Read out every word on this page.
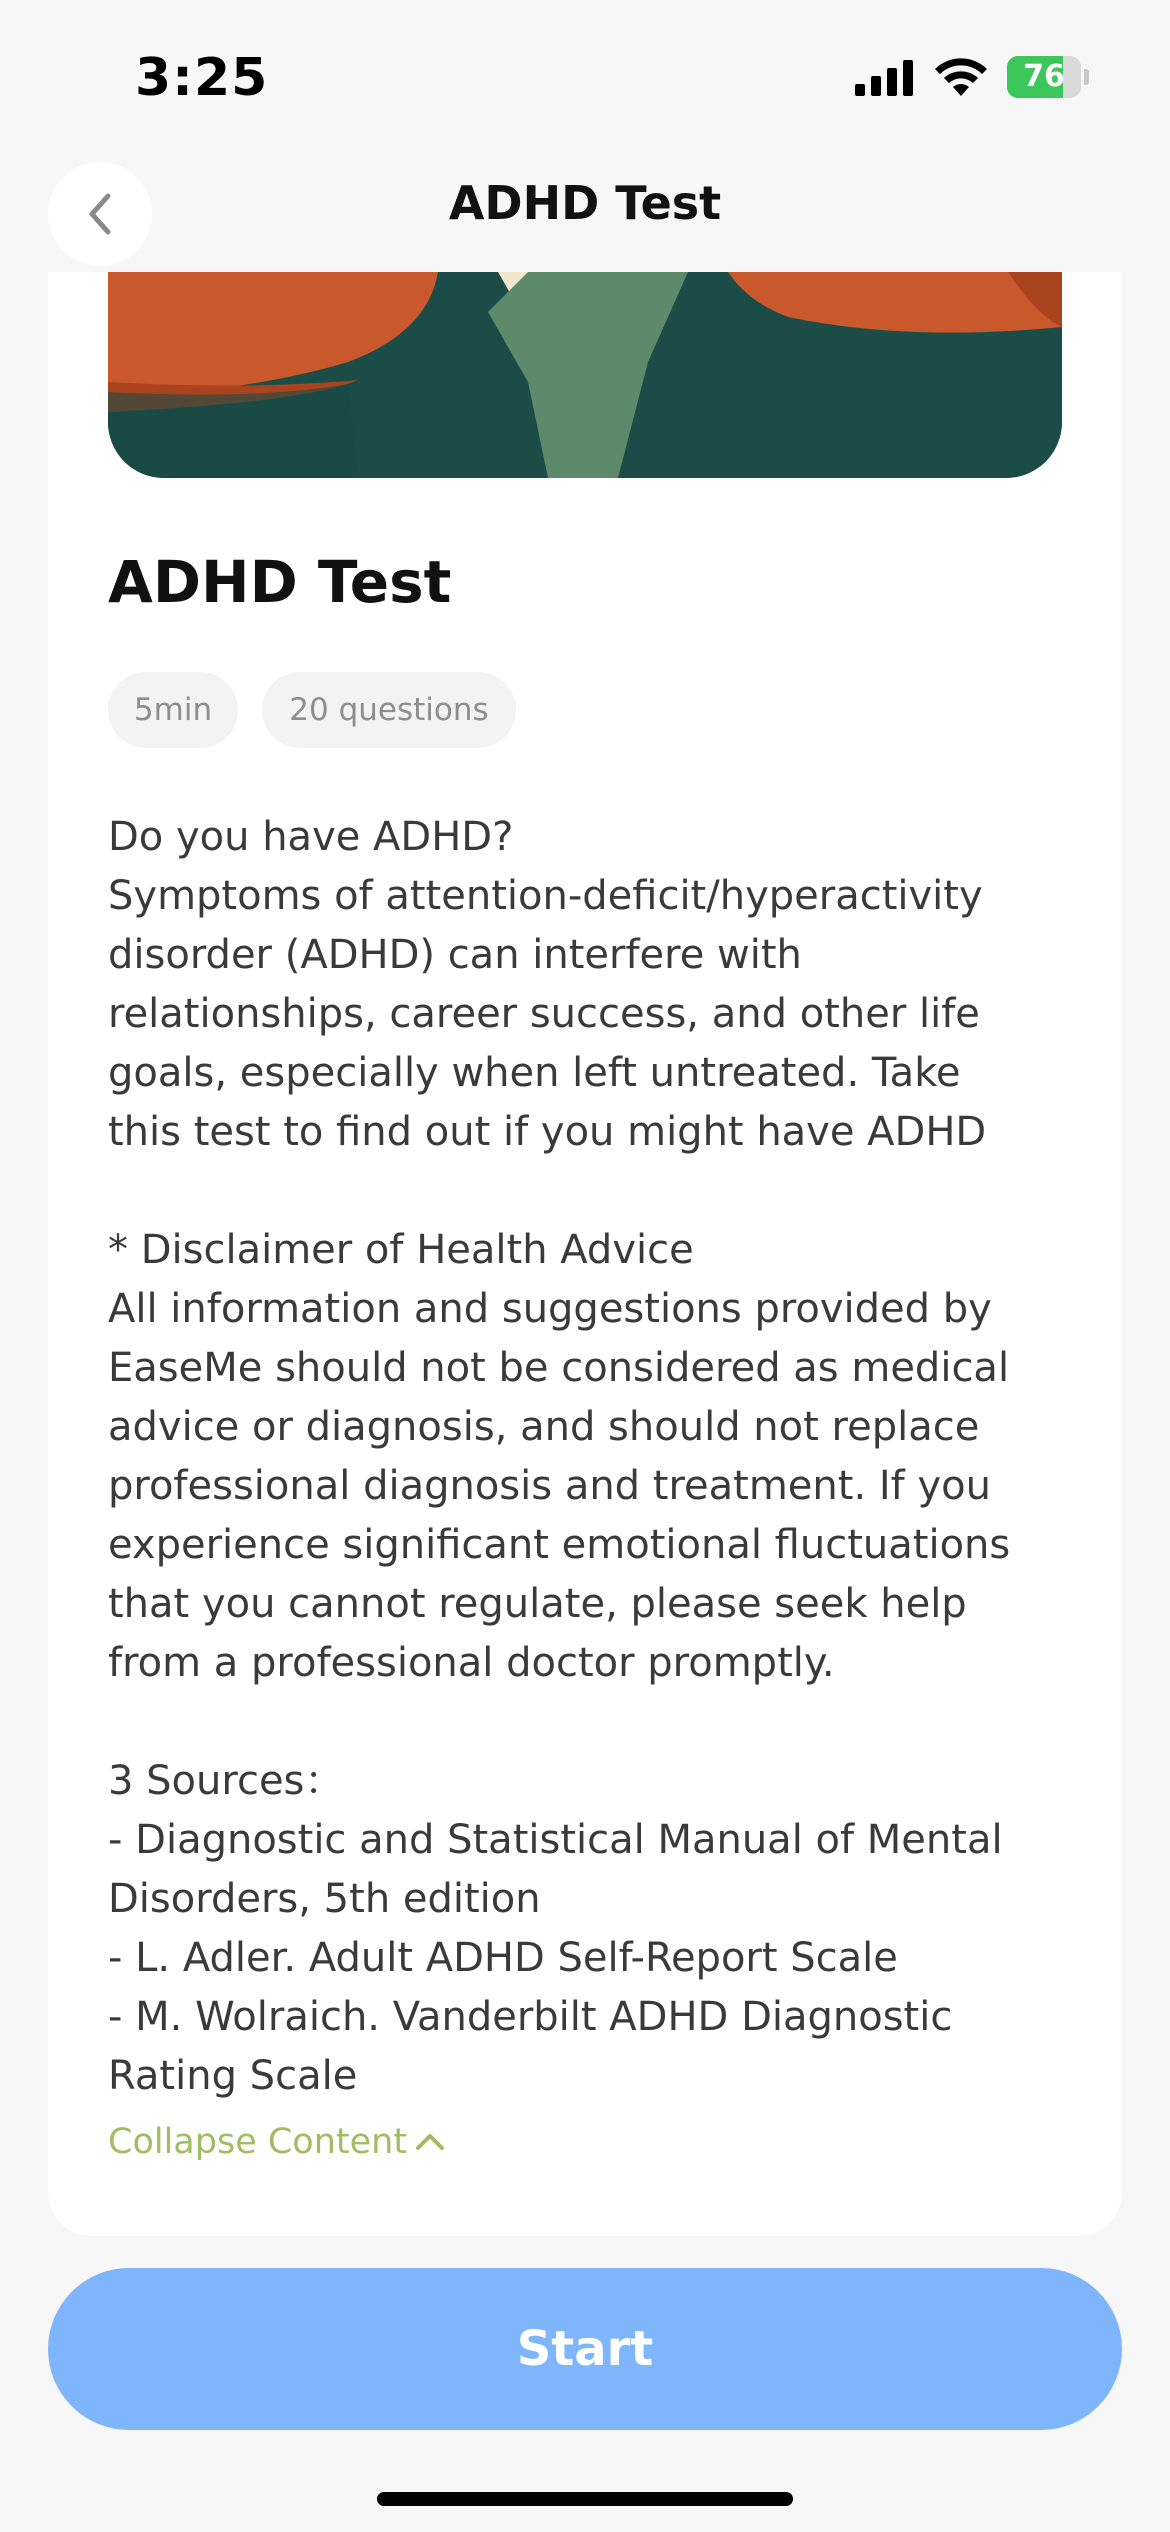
3:25	76
ADHD Test
ADHD Test
5min	20 questions

Do you have ADHD?

Symptoms of attention-deficit/hyperactivity

disorder (ADHD) can interfere with

relationships, career success, and other life

goals, especially when left untreated. Take

this test to find out if you might have ADHD

* Disclaimer of Health Advice

All information and suggestions provided by

EaseMe should not be considered as medical

advice or diagnosis, and should not replace

professional diagnosis and treatment. If you

experience significant emotional fluctuations

that you cannot regulate, please seek help

from a professional doctor promptly.

3 Sources：

- Diagnostic and Statistical Manual of Mental

Disorders, 5th edition

- L. Adler. Adult ADHD Self-Report Scale

- M. Wolraich. Vanderbilt ADHD Diagnostic

Rating Scale

Collapse Content
Start
